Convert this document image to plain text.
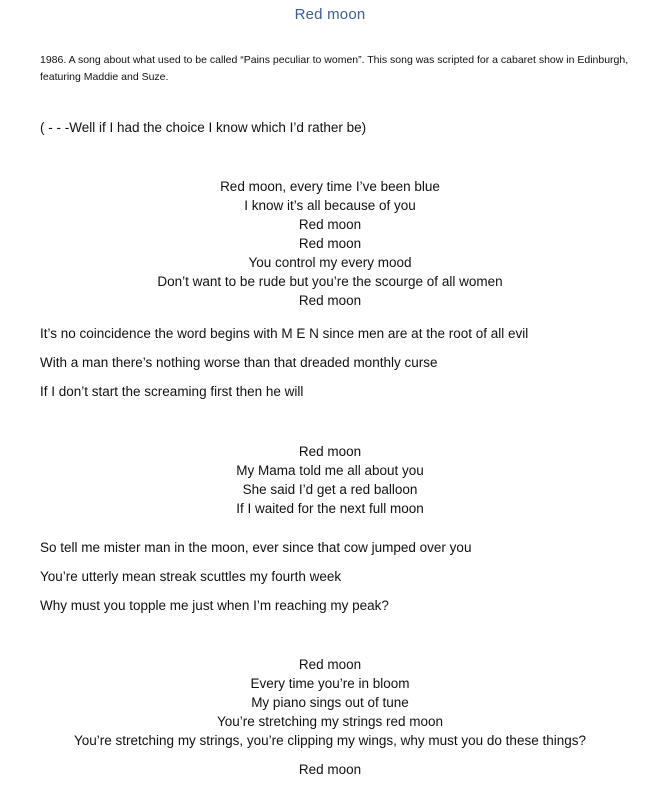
Red moon
1986. A song about what used to be called “Pains peculiar to women”. This song was scripted for a cabaret show in Edinburgh, featuring Maddie and Suze.
( - - -Well if I had the choice I know which I’d rather be)
Red moon, every time I’ve been blue
I know it’s all because of you
Red moon
Red moon
You control my every mood
Don’t want to be rude but you’re the scourge of all women
Red moon
It’s no coincidence the word begins with M E N since men are at the root of all evil
With a man there’s nothing worse than that dreaded monthly curse
If I don’t start the screaming first then he will
Red moon
My Mama told me all about you
She said I’d get a red balloon
If I waited for the next full moon
So tell me mister man in the moon, ever since that cow jumped over you
You’re utterly mean streak scuttles my fourth week
Why must you topple me just when I’m reaching my peak?
Red moon
Every time you’re in bloom
My piano sings out of tune
You’re stretching my strings red moon
You’re stretching my strings, you’re clipping my wings, why must you do these things?
Red moon
